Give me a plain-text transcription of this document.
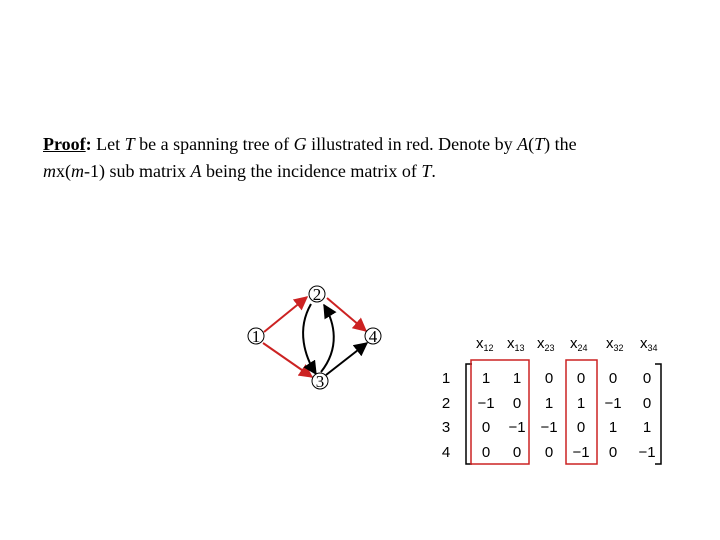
Proof: Let T be a spanning tree of G illustrated in red. Denote by A(T) the
mx(m-1) sub matrix A being the incidence matrix of T.
2
1	4
3
$x_{12}$ $x_{13}$ $x_{23}$ $x_{24}$ $x_{32}$ $x_{34}$
1
2
3
4
1 1 0 0 0 0
−1 0 1 1 −1 0
0 −1 −1 0 1 1
0 0 0 −1 0 −1
